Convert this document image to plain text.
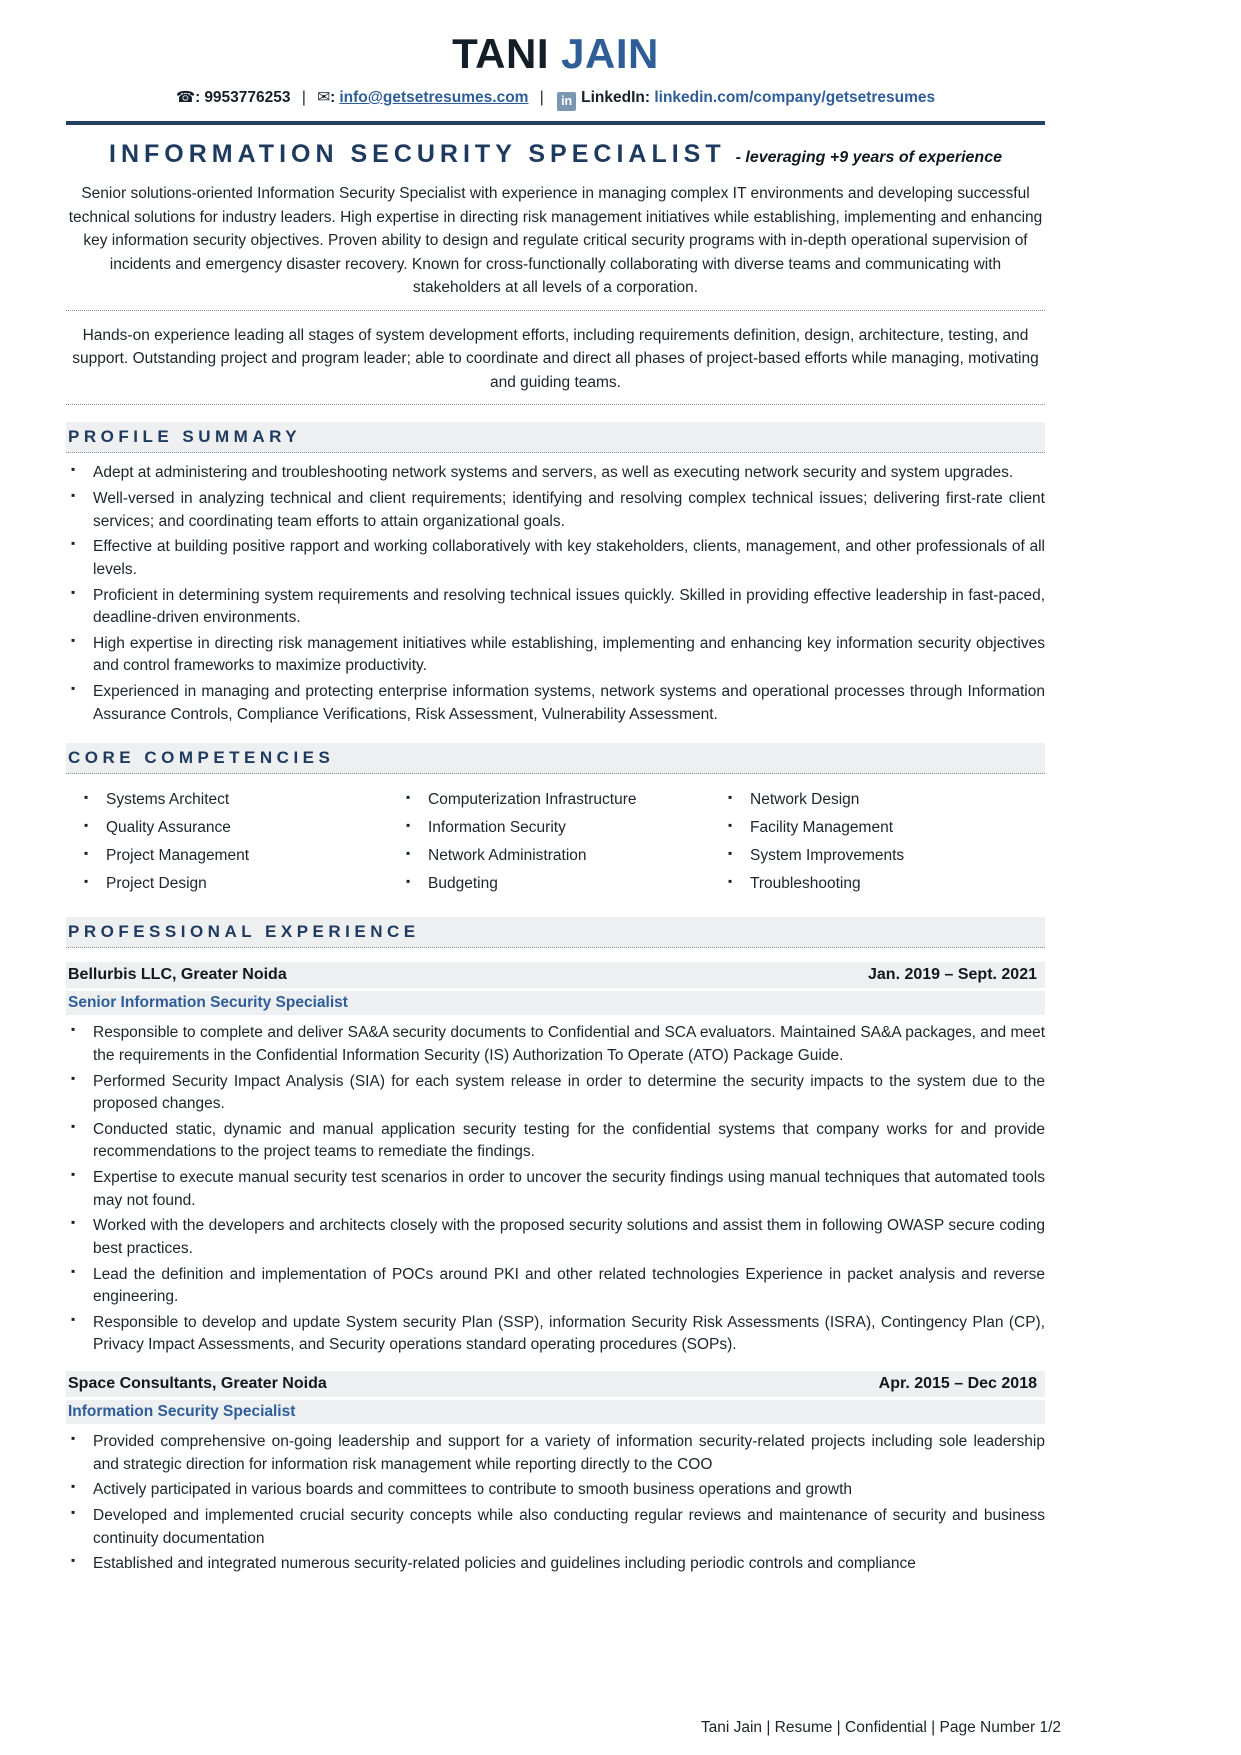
TANI JAIN
☎: 9953776253 | ✉: info@getsetresumes.com | in LinkedIn: linkedin.com/company/getsetresumes
INFORMATION SECURITY SPECIALIST - leveraging +9 years of experience

Senior solutions-oriented Information Security Specialist with experience in managing complex IT environments and developing successful technical solutions for industry leaders. High expertise in directing risk management initiatives while establishing, implementing and enhancing key information security objectives. Proven ability to design and regulate critical security programs with in-depth operational supervision of incidents and emergency disaster recovery. Known for cross-functionally collaborating with diverse teams and communicating with stakeholders at all levels of a corporation.

Hands-on experience leading all stages of system development efforts, including requirements definition, design, architecture, testing, and support. Outstanding project and program leader; able to coordinate and direct all phases of project-based efforts while managing, motivating and guiding teams.

PROFILE SUMMARY
▪ Adept at administering and troubleshooting network systems and servers, as well as executing network security and system upgrades.
▪ Well-versed in analyzing technical and client requirements; identifying and resolving complex technical issues; delivering first-rate client services; and coordinating team efforts to attain organizational goals.
▪ Effective at building positive rapport and working collaboratively with key stakeholders, clients, management, and other professionals of all levels.
▪ Proficient in determining system requirements and resolving technical issues quickly. Skilled in providing effective leadership in fast-paced, deadline-driven environments.
▪ High expertise in directing risk management initiatives while establishing, implementing and enhancing key information security objectives and control frameworks to maximize productivity.
▪ Experienced in managing and protecting enterprise information systems, network systems and operational processes through Information Assurance Controls, Compliance Verifications, Risk Assessment, Vulnerability Assessment.
CORE COMPETENCIES
▪ Systems Architect
▪ Quality Assurance
▪ Project Management
▪ Project Design
▪ Computerization Infrastructure
▪ Information Security
▪ Network Administration
▪ Budgeting
▪ Network Design
▪ Facility Management
▪ System Improvements
▪ Troubleshooting
PROFESSIONAL EXPERIENCE
Bellurbis LLC, Greater Noida	Jan. 2019 – Sept. 2021
Senior Information Security Specialist
▪ Responsible to complete and deliver SA&A security documents to Confidential and SCA evaluators. Maintained SA&A packages, and meet the requirements in the Confidential Information Security (IS) Authorization To Operate (ATO) Package Guide.
▪ Performed Security Impact Analysis (SIA) for each system release in order to determine the security impacts to the system due to the proposed changes.
▪ Conducted static, dynamic and manual application security testing for the confidential systems that company works for and provide recommendations to the project teams to remediate the findings.
▪ Expertise to execute manual security test scenarios in order to uncover the security findings using manual techniques that automated tools may not found.
▪ Worked with the developers and architects closely with the proposed security solutions and assist them in following OWASP secure coding best practices.
▪ Lead the definition and implementation of POCs around PKI and other related technologies Experience in packet analysis and reverse engineering.
▪ Responsible to develop and update System security Plan (SSP), information Security Risk Assessments (ISRA), Contingency Plan (CP), Privacy Impact Assessments, and Security operations standard operating procedures (SOPs).
Space Consultants, Greater Noida	Apr. 2015 – Dec 2018
Information Security Specialist
▪ Provided comprehensive on-going leadership and support for a variety of information security-related projects including sole leadership and strategic direction for information risk management while reporting directly to the COO
▪ Actively participated in various boards and committees to contribute to smooth business operations and growth
▪ Developed and implemented crucial security concepts while also conducting regular reviews and maintenance of security and business continuity documentation
▪ Established and integrated numerous security-related policies and guidelines including periodic controls and compliance
Tani Jain | Resume | Confidential | Page Number 1/2
